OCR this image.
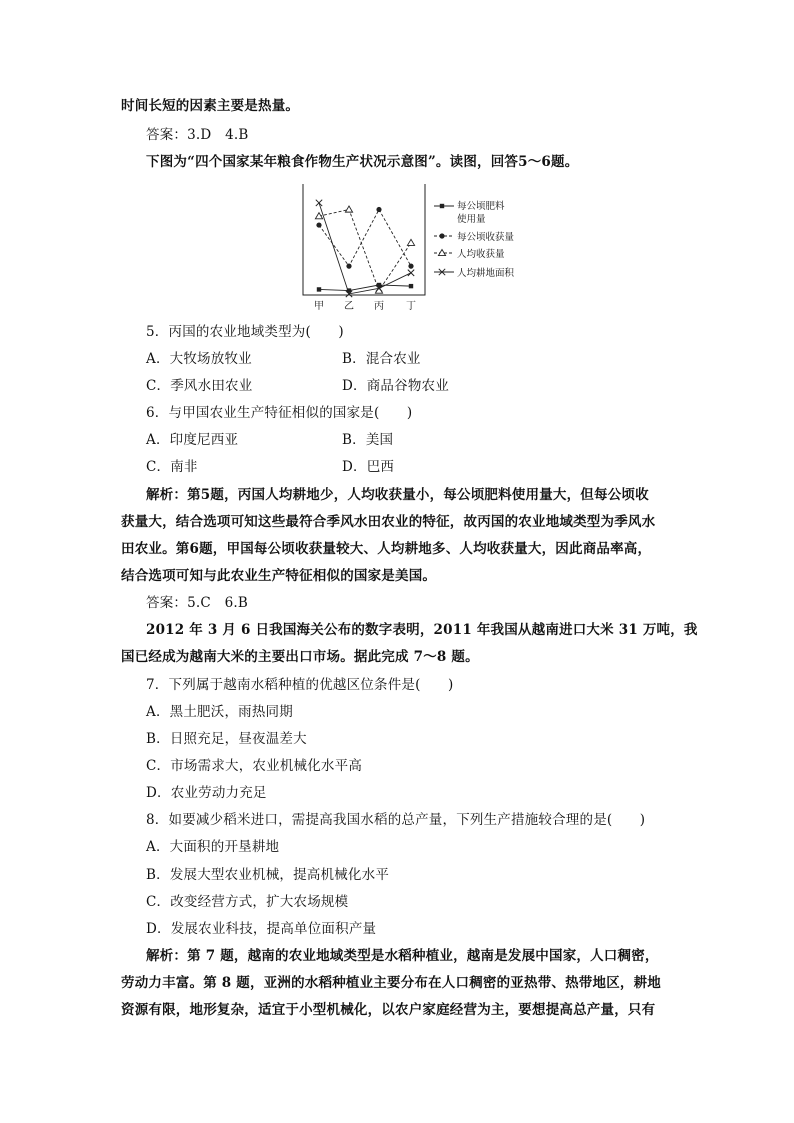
时间长短的因素主要是热量。
答案：3.D　4.B
下图为“四个国家某年粮食作物生产状况示意图”。读图，回答5～6题。
甲 乙 丙 丁
每公顷肥料
使用量
每公顷收获量
人均收获量
人均耕地面积
5．丙国的农业地域类型为(　　)
A．大牧场放牧业	B．混合农业
C．季风水田农业	D．商品谷物农业
6．与甲国农业生产特征相似的国家是(　　)
A．印度尼西亚	B．美国
C．南非	D．巴西
解析：第5题，丙国人均耕地少，人均收获量小，每公顷肥料使用量大，但每公顷收
获量大，结合选项可知这些最符合季风水田农业的特征，故丙国的农业地域类型为季风水
田农业。第6题，甲国每公顷收获量较大、人均耕地多、人均收获量大，因此商品率高，
结合选项可知与此农业生产特征相似的国家是美国。
答案：5.C　6.B
2012 年 3 月 6 日我国海关公布的数字表明，2011 年我国从越南进口大米 31 万吨，我
国已经成为越南大米的主要出口市场。据此完成 7～8 题。
7．下列属于越南水稻种植的优越区位条件是(　　)
A．黑土肥沃，雨热同期
B．日照充足，昼夜温差大
C．市场需求大，农业机械化水平高
D．农业劳动力充足
8．如要减少稻米进口，需提高我国水稻的总产量，下列生产措施较合理的是(　　)
A．大面积的开垦耕地
B．发展大型农业机械，提高机械化水平
C．改变经营方式，扩大农场规模
D．发展农业科技，提高单位面积产量
解析：第 7 题，越南的农业地域类型是水稻种植业，越南是发展中国家，人口稠密，
劳动力丰富。第 8 题，亚洲的水稻种植业主要分布在人口稠密的亚热带、热带地区，耕地
资源有限，地形复杂，适宜于小型机械化，以农户家庭经营为主，要想提高总产量，只有
